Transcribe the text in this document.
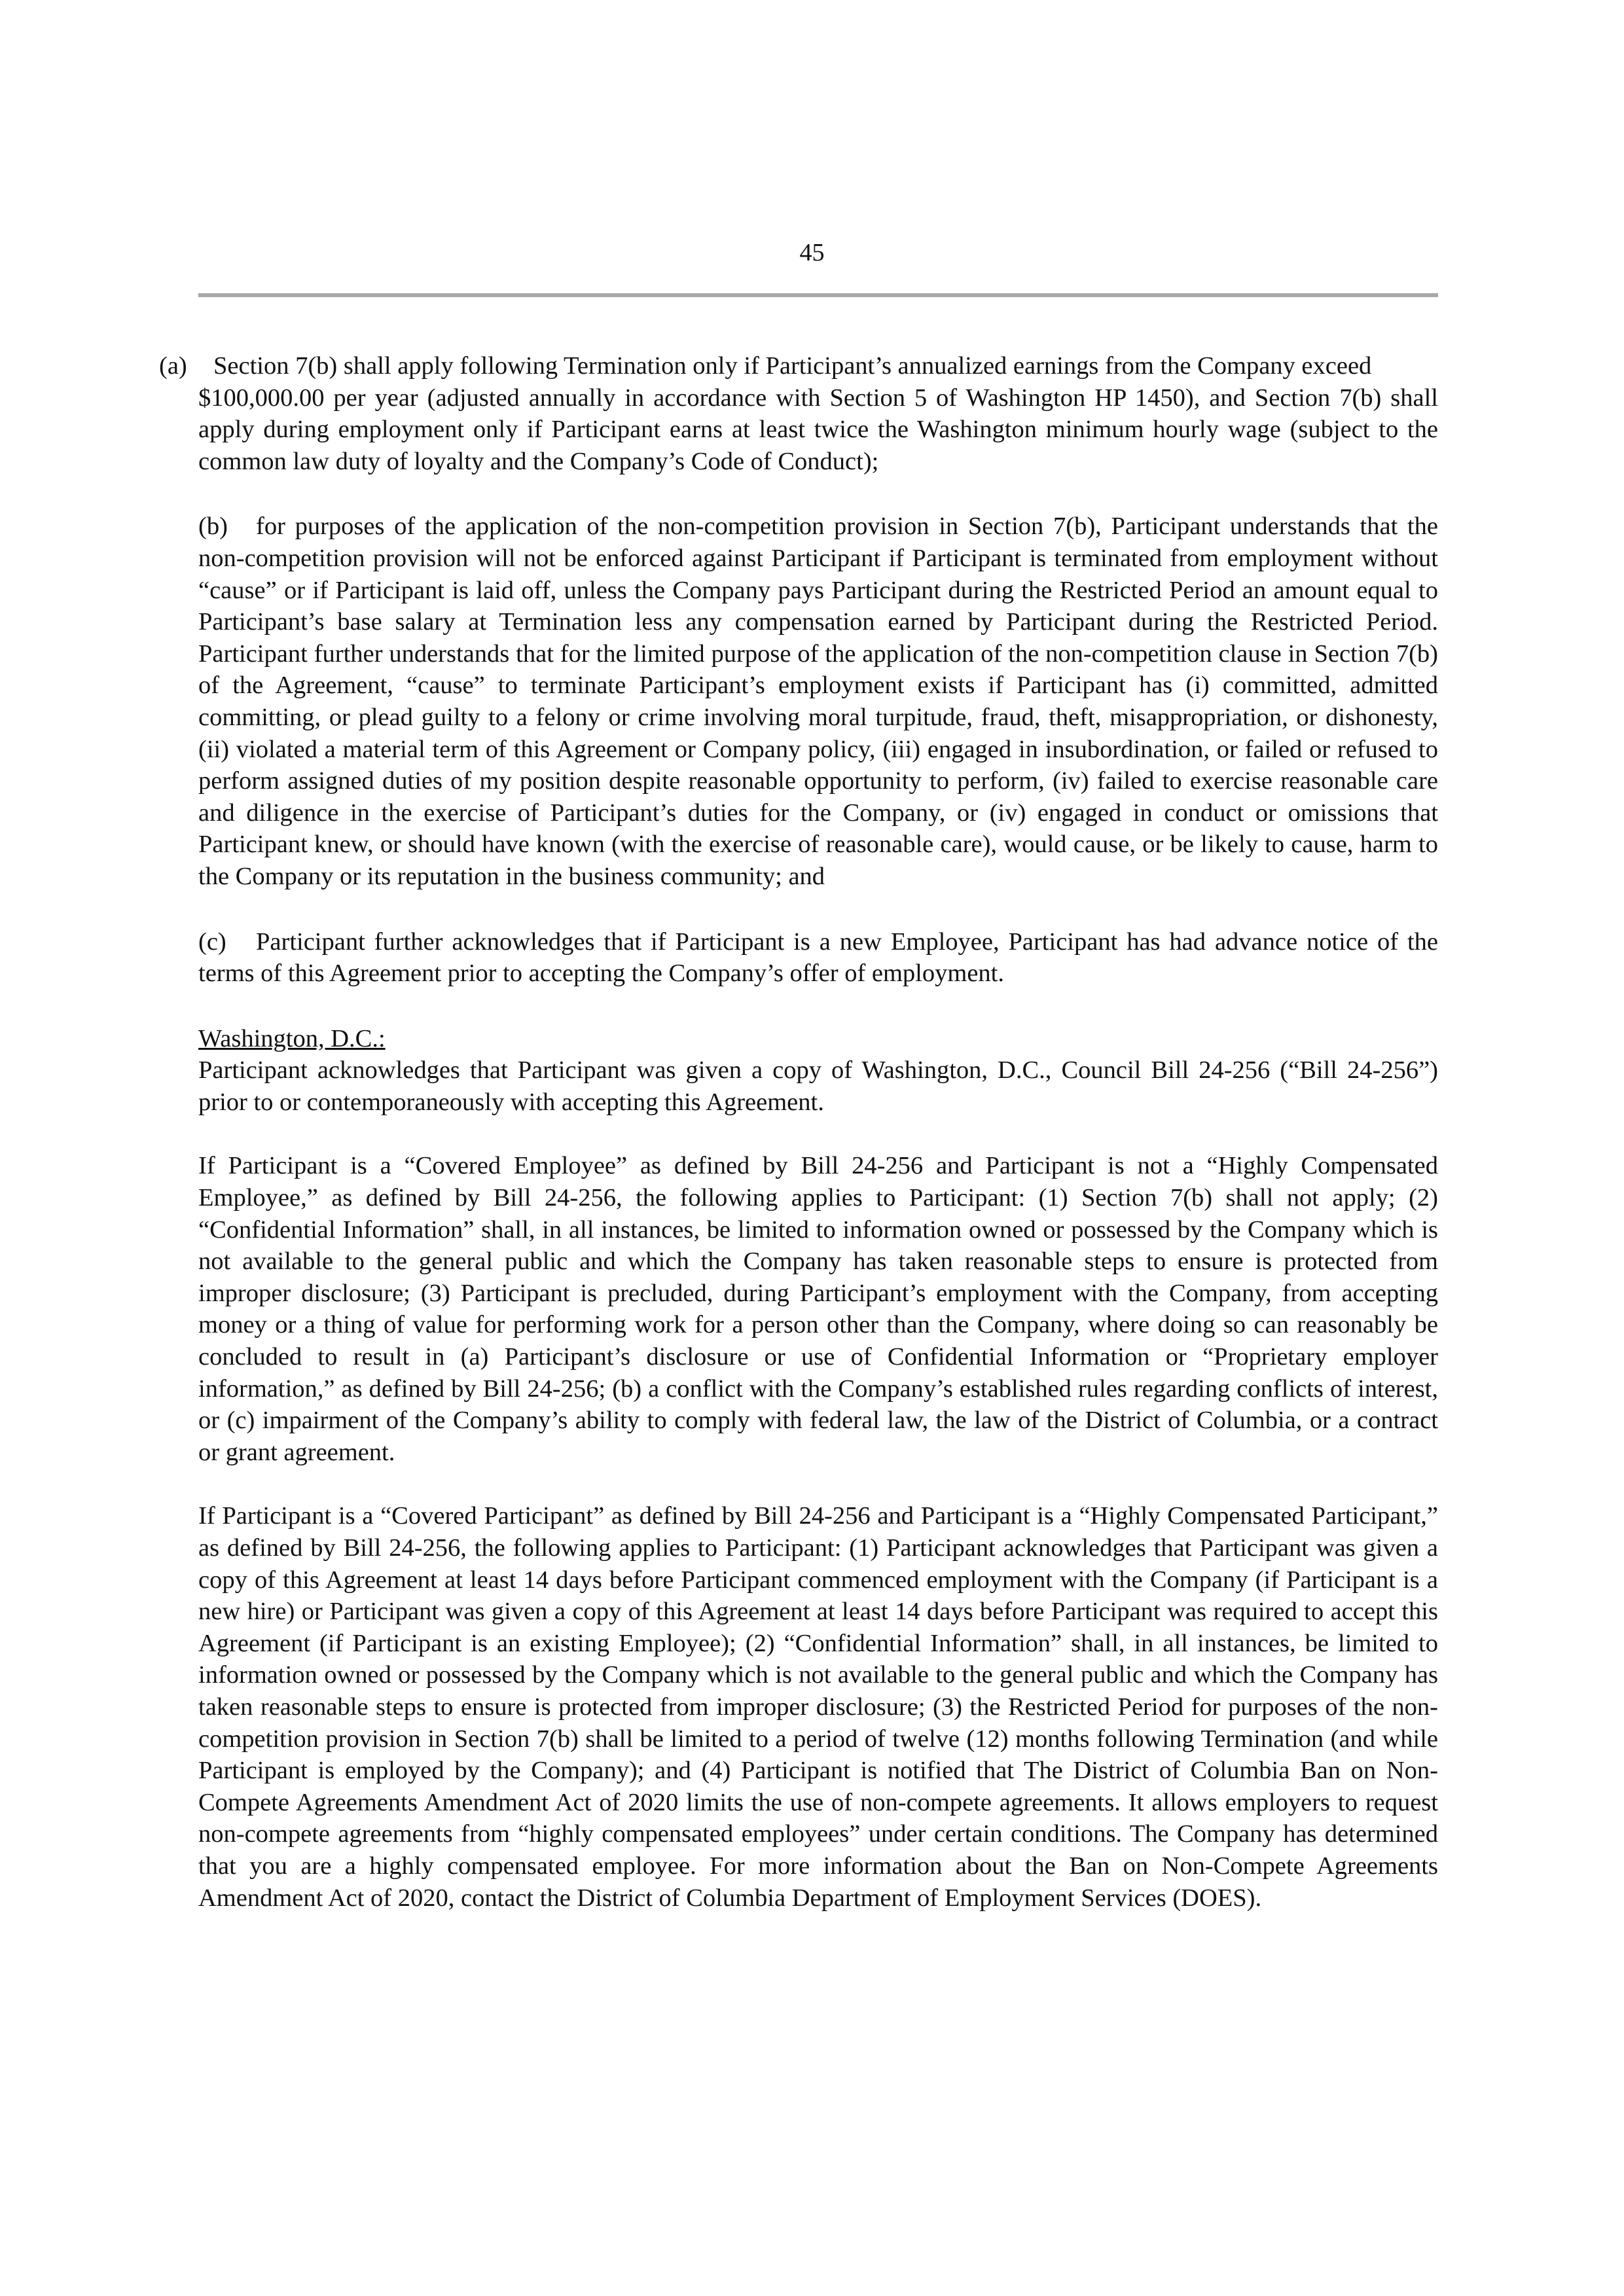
45

(a) Section 7(b) shall apply following Termination only if Participant’s annualized earnings from the Company exceed
$100,000.00 per year (adjusted annually in accordance with Section 5 of Washington HP 1450), and Section 7(b) shall apply during employment only if Participant earns at least twice the Washington minimum hourly wage (subject to the common law duty of loyalty and the Company’s Code of Conduct);

(b) for purposes of the application of the non-competition provision in Section 7(b), Participant understands that the non-competition provision will not be enforced against Participant if Participant is terminated from employment without “cause” or if Participant is laid off, unless the Company pays Participant during the Restricted Period an amount equal to Participant’s base salary at Termination less any compensation earned by Participant during the Restricted Period. Participant further understands that for the limited purpose of the application of the non-competition clause in Section 7(b) of the Agreement, “cause” to terminate Participant’s employment exists if Participant has (i) committed, admitted committing, or plead guilty to a felony or crime involving moral turpitude, fraud, theft, misappropriation, or dishonesty, (ii) violated a material term of this Agreement or Company policy, (iii) engaged in insubordination, or failed or refused to perform assigned duties of my position despite reasonable opportunity to perform, (iv) failed to exercise reasonable care and diligence in the exercise of Participant’s duties for the Company, or (iv) engaged in conduct or omissions that Participant knew, or should have known (with the exercise of reasonable care), would cause, or be likely to cause, harm to the Company or its reputation in the business community; and

(c) Participant further acknowledges that if Participant is a new Employee, Participant has had advance notice of the terms of this Agreement prior to accepting the Company’s offer of employment.

Washington, D.C.:

Participant acknowledges that Participant was given a copy of Washington, D.C., Council Bill 24-256 (“Bill 24-256”) prior to or contemporaneously with accepting this Agreement.

If Participant is a “Covered Employee” as defined by Bill 24-256 and Participant is not a “Highly Compensated Employee,” as defined by Bill 24-256, the following applies to Participant: (1) Section 7(b) shall not apply; (2) “Confidential Information” shall, in all instances, be limited to information owned or possessed by the Company which is not available to the general public and which the Company has taken reasonable steps to ensure is protected from improper disclosure; (3) Participant is precluded, during Participant’s employment with the Company, from accepting money or a thing of value for performing work for a person other than the Company, where doing so can reasonably be concluded to result in (a) Participant’s disclosure or use of Confidential Information or “Proprietary employer information,” as defined by Bill 24-256; (b) a conflict with the Company’s established rules regarding conflicts of interest, or (c) impairment of the Company’s ability to comply with federal law, the law of the District of Columbia, or a contract or grant agreement.

If Participant is a “Covered Participant” as defined by Bill 24-256 and Participant is a “Highly Compensated Participant,” as defined by Bill 24-256, the following applies to Participant: (1) Participant acknowledges that Participant was given a copy of this Agreement at least 14 days before Participant commenced employment with the Company (if Participant is a new hire) or Participant was given a copy of this Agreement at least 14 days before Participant was required to accept this Agreement (if Participant is an existing Employee); (2) “Confidential Information” shall, in all instances, be limited to information owned or possessed by the Company which is not available to the general public and which the Company has taken reasonable steps to ensure is protected from improper disclosure; (3) the Restricted Period for purposes of the non-competition provision in Section 7(b) shall be limited to a period of twelve (12) months following Termination (and while Participant is employed by the Company); and (4) Participant is notified that The District of Columbia Ban on Non-Compete Agreements Amendment Act of 2020 limits the use of non-compete agreements. It allows employers to request non-compete agreements from “highly compensated employees” under certain conditions. The Company has determined that you are a highly compensated employee. For more information about the Ban on Non-Compete Agreements Amendment Act of 2020, contact the District of Columbia Department of Employment Services (DOES).
